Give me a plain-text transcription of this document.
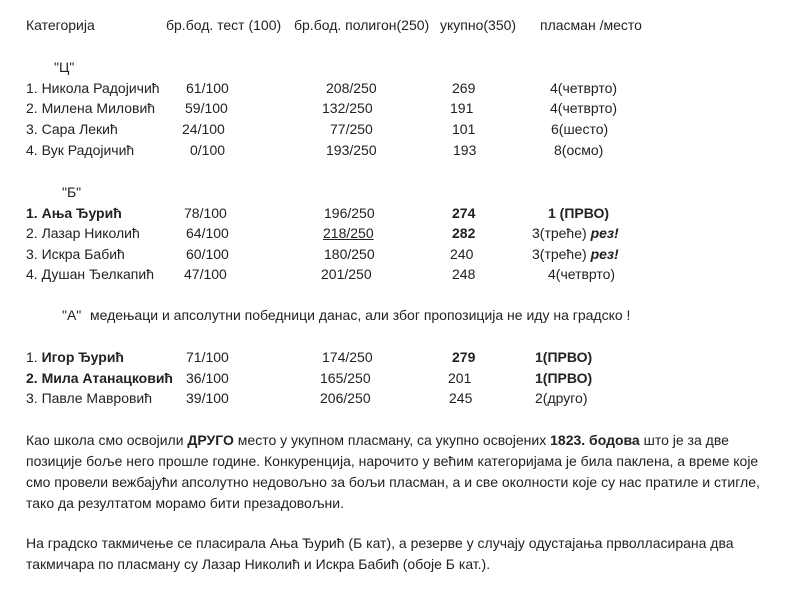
Категорија	бр.бод. тест (100) бр.бод. полигон(250) укупно(350) пласман /место
"Ц"
1. Никола Радојичић 61/100	208/250	269	4(четврто)
2. Милена Миловић 59/100	132/250	191	4(четврто)
3. Сара Лекић	24/100	77/250	101	6(шесто)
4. Вук Радојичић	0/100	193/250	193	8(осмо)
"Б"
1. Ања Ђурић	78/100	196/250	274	1 (ПРВО)
2. Лазар Николић	64/100	218/250	282	3(треће) рез!
3. Искра Бабић	60/100	180/250	240	3(треће) рез!
4. Душан Ђелкапић 47/100	201/250	248	4(четврто)
"А" медењаци и апсолутни победници данас, али због пропозиција не иду на градско !
1. Игор Ђурић	71/100	174/250	279	1(ПРВО)
2. Мила Атанацковић 36/100	165/250	201	1(ПРВО)
3. Павле Мавровић 39/100	206/250	245	2(друго)
Као школа смо освојили ДРУГО место у укупном пласману, са укупно освојених 1823. бодова што је за две позиције боље него прошле године. Конкуренција, нарочито у већим категоријама је била паклена, а време које смо провели вежбајући апсолутно недовољно за бољи пласман, а и све околности које су нас пратиле и стигле, тако да резултатом морамо бити презадовољни.
На градско такмичење се пласирала Ања Ђурић (Б кат), а резерве у случају одустајања прволласирана два такмичара по пласману су Лазар Николић и Искра Бабић (обоје Б кат.).
